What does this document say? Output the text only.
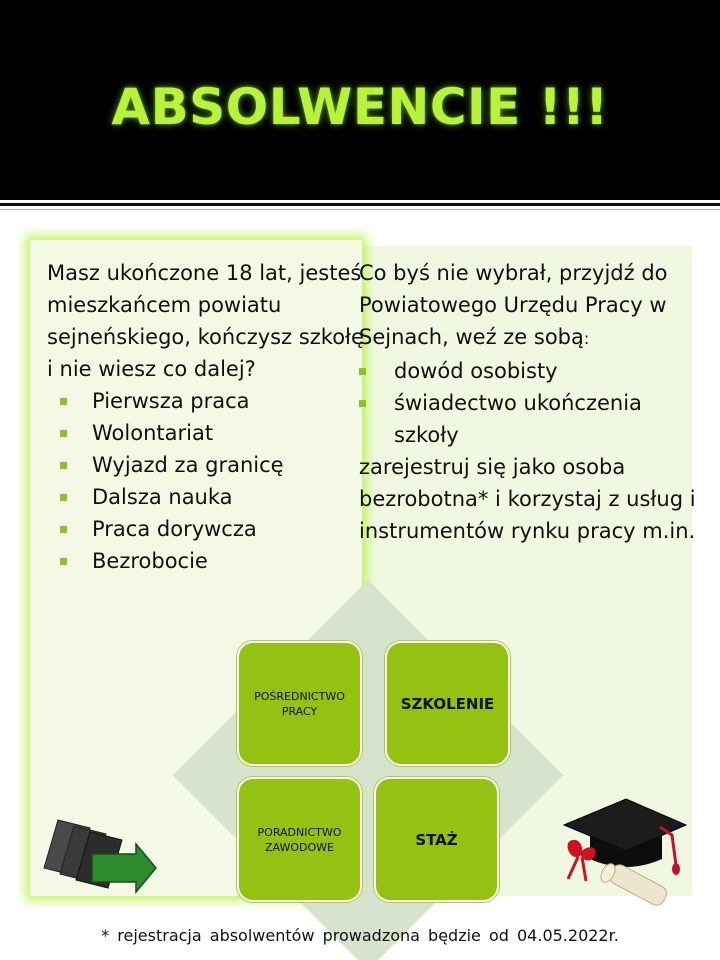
ABSOLWENCIE !!!

Masz ukończone 18 lat, jesteś mieszkańcem powiatu sejneńskiego, kończysz szkołę i nie wiesz co dalej?

Pierwsza praca
Wolontariat
Wyjazd za granicę
Dalsza nauka
Praca dorywcza
Bezrobocie

Co byś nie wybrał, przyjdź do Powiatowego Urzędu Pracy w Sejnach, weź ze sobą:

dowód osobisty
świadectwo ukończenia szkoły

zarejestruj się jako osoba bezrobotna* i korzystaj z usług i instrumentów rynku pracy m.in.

POŚREDNICTWO PRACY	SZKOLENIE
PORADNICTWO ZAWODOWE	STAŻ
* rejestracja absolwentów prowadzona będzie od 04.05.2022r.
